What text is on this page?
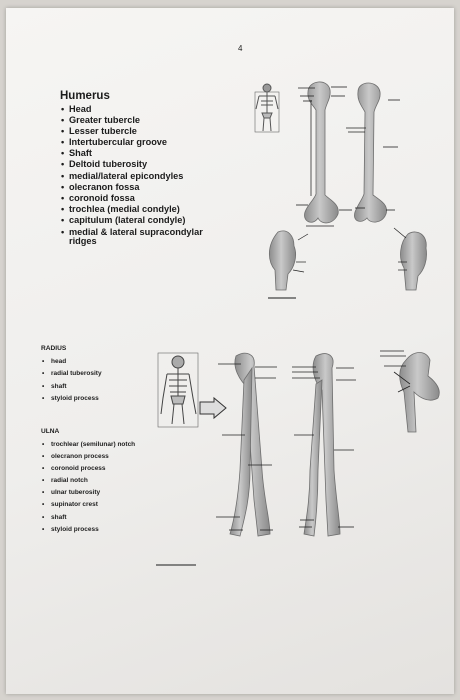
4
Humerus
• Head
• Greater tubercle
• Lesser tubercle
• Intertubercular groove
• Shaft
• Deltoid tuberosity
• medial/lateral epicondyles
• olecranon fossa
• coronoid fossa
• trochlea (medial condyle)
• capitulum (lateral condyle)
• medial & lateral supracondylar ridges
RADIUS
• head
• radial tuberosity
• shaft
• styloid process
ULNA
• trochlear (semilunar) notch
• olecranon process
• coronoid process
• radial notch
• ulnar tuberosity
• supinator crest
• shaft
• styloid process
